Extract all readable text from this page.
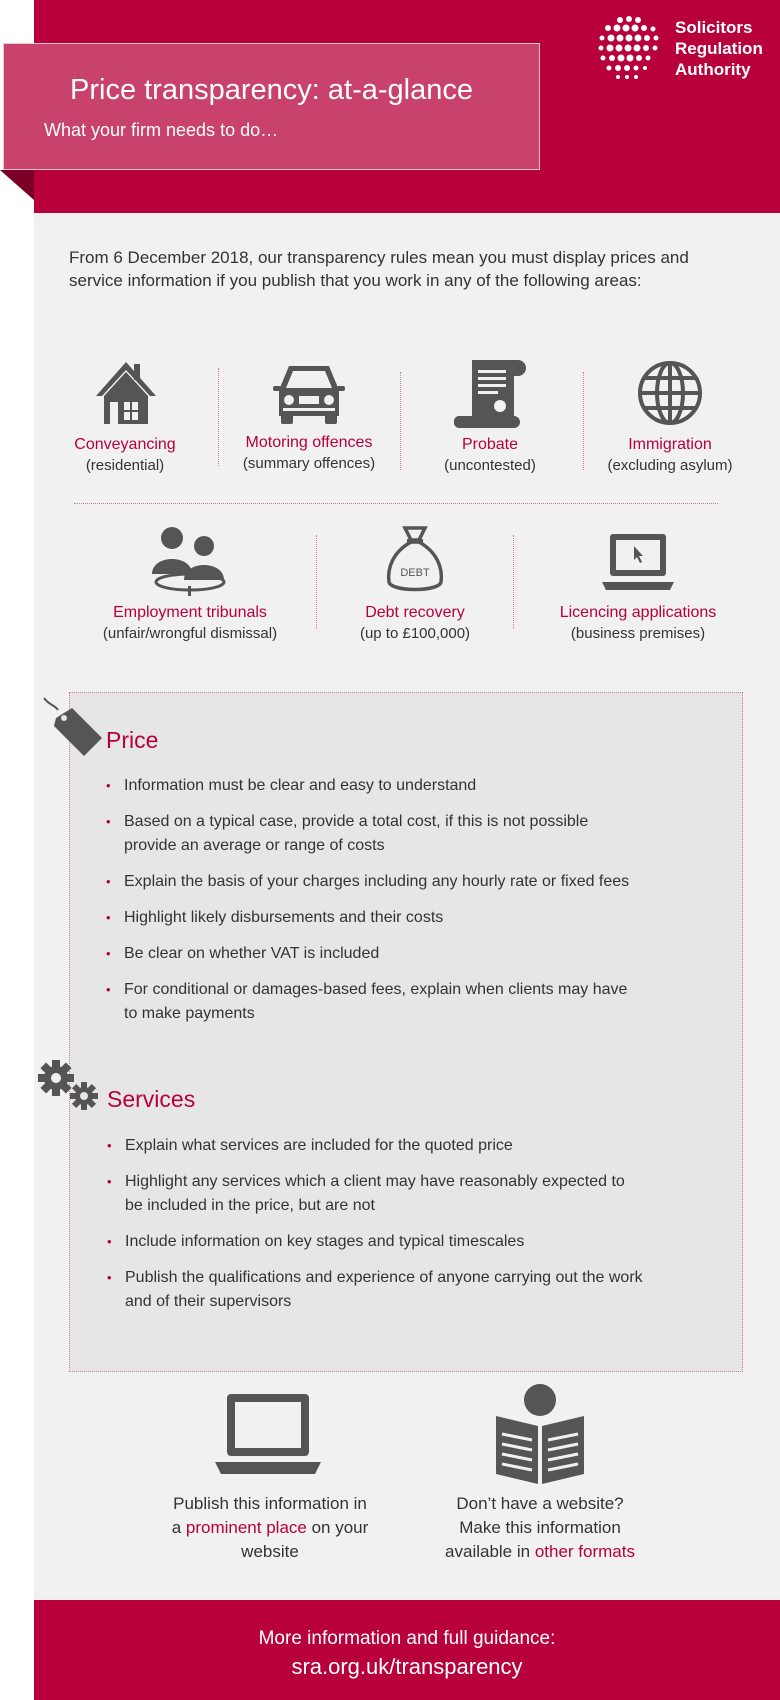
Price transparency: at-a-glance
What your firm needs to do…
Solicitors
Regulation
Authority
From 6 December 2018, our transparency rules mean you must display prices and service information if you publish that you work in any of the following areas:
Conveyancing
(residential)
Motoring offences
(summary offences)
Probate
(uncontested)
Immigration
(excluding asylum)
Employment tribunals
(unfair/wrongful dismissal)
DEBT
Debt recovery
(up to £100,000)
Licencing applications
(business premises)
Price
• Information must be clear and easy to understand
• Based on a typical case, provide a total cost, if this is not possible provide an average or range of costs
• Explain the basis of your charges including any hourly rate or fixed fees
• Highlight likely disbursements and their costs
• Be clear on whether VAT is included
• For conditional or damages-based fees, explain when clients may have to make payments
Services
• Explain what services are included for the quoted price
• Highlight any services which a client may have reasonably expected to be included in the price, but are not
• Include information on key stages and typical timescales
• Publish the qualifications and experience of anyone carrying out the work and of their supervisors
Publish this information in
a prominent place on your
website
Don’t have a website?
Make this information
available in other formats
More information and full guidance:
sra.org.uk/transparency
